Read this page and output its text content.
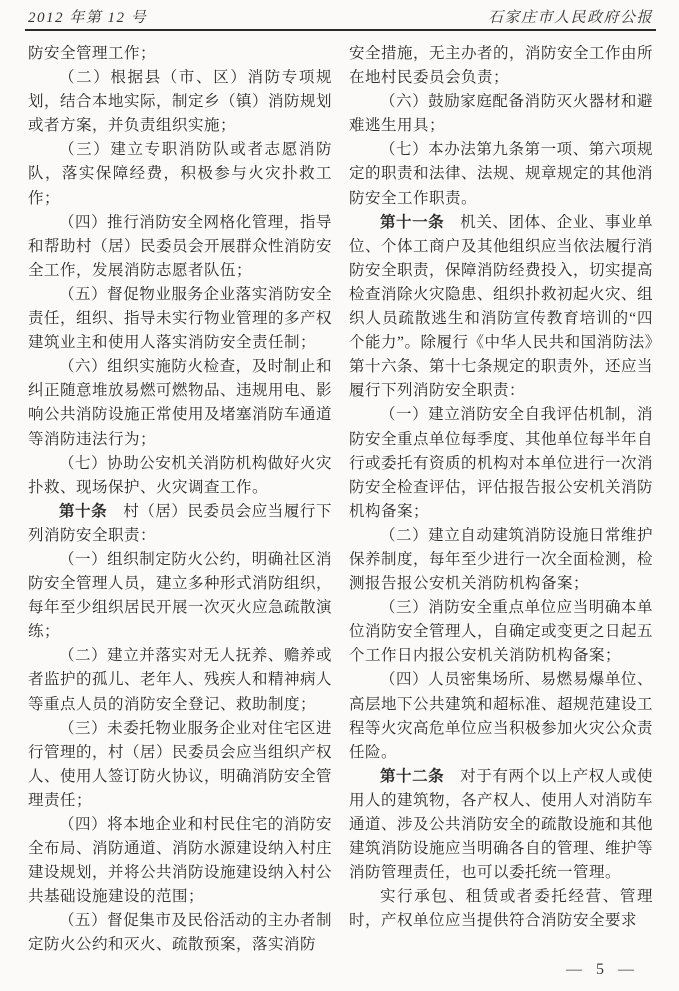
2012 年第 12 号	石家庄市人民政府公报

防安全管理工作；

（二）根据县（市、区）消防专项规划，结合本地实际，制定乡（镇）消防规划或者方案，并负责组织实施；

（三）建立专职消防队或者志愿消防队，落实保障经费，积极参与火灾扑救工作；

（四）推行消防安全网格化管理，指导和帮助村（居）民委员会开展群众性消防安全工作，发展消防志愿者队伍；

（五）督促物业服务企业落实消防安全责任，组织、指导未实行物业管理的多产权建筑业主和使用人落实消防安全责任制；

（六）组织实施防火检查，及时制止和纠正随意堆放易燃可燃物品、违规用电、影响公共消防设施正常使用及堵塞消防车通道等消防违法行为；

（七）协助公安机关消防机构做好火灾扑救、现场保护、火灾调查工作。

第十条　村（居）民委员会应当履行下列消防安全职责：

（一）组织制定防火公约，明确社区消防安全管理人员，建立多种形式消防组织，每年至少组织居民开展一次灭火应急疏散演练；

（二）建立并落实对无人抚养、赡养或者监护的孤儿、老年人、残疾人和精神病人等重点人员的消防安全登记、救助制度；

（三）未委托物业服务企业对住宅区进行管理的，村（居）民委员会应当组织产权人、使用人签订防火协议，明确消防安全管理责任；

（四）将本地企业和村民住宅的消防安全布局、消防通道、消防水源建设纳入村庄建设规划，并将公共消防设施建设纳入村公共基础设施建设的范围；

（五）督促集市及民俗活动的主办者制定防火公约和灭火、疏散预案，落实消防

安全措施，无主办者的，消防安全工作由所在地村民委员会负责；

（六）鼓励家庭配备消防灭火器材和避难逃生用具；

（七）本办法第九条第一项、第六项规定的职责和法律、法规、规章规定的其他消防安全工作职责。

第十一条　机关、团体、企业、事业单位、个体工商户及其他组织应当依法履行消防安全职责，保障消防经费投入，切实提高检查消除火灾隐患、组织扑救初起火灾、组织人员疏散逃生和消防宣传教育培训的“四个能力”。除履行《中华人民共和国消防法》第十六条、第十七条规定的职责外，还应当履行下列消防安全职责：

（一）建立消防安全自我评估机制，消防安全重点单位每季度、其他单位每半年自行或委托有资质的机构对本单位进行一次消防安全检查评估，评估报告报公安机关消防机构备案；

（二）建立自动建筑消防设施日常维护保养制度，每年至少进行一次全面检测，检测报告报公安机关消防机构备案；

（三）消防安全重点单位应当明确本单位消防安全管理人，自确定或变更之日起五个工作日内报公安机关消防机构备案；

（四）人员密集场所、易燃易爆单位、高层地下公共建筑和超标准、超规范建设工程等火灾高危单位应当积极参加火灾公众责任险。

第十二条　对于有两个以上产权人或使用人的建筑物，各产权人、使用人对消防车通道、涉及公共消防安全的疏散设施和其他建筑消防设施应当明确各自的管理、维护等消防管理责任，也可以委托统一管理。

实行承包、租赁或者委托经营、管理时，产权单位应当提供符合消防安全要求

— 5 —
